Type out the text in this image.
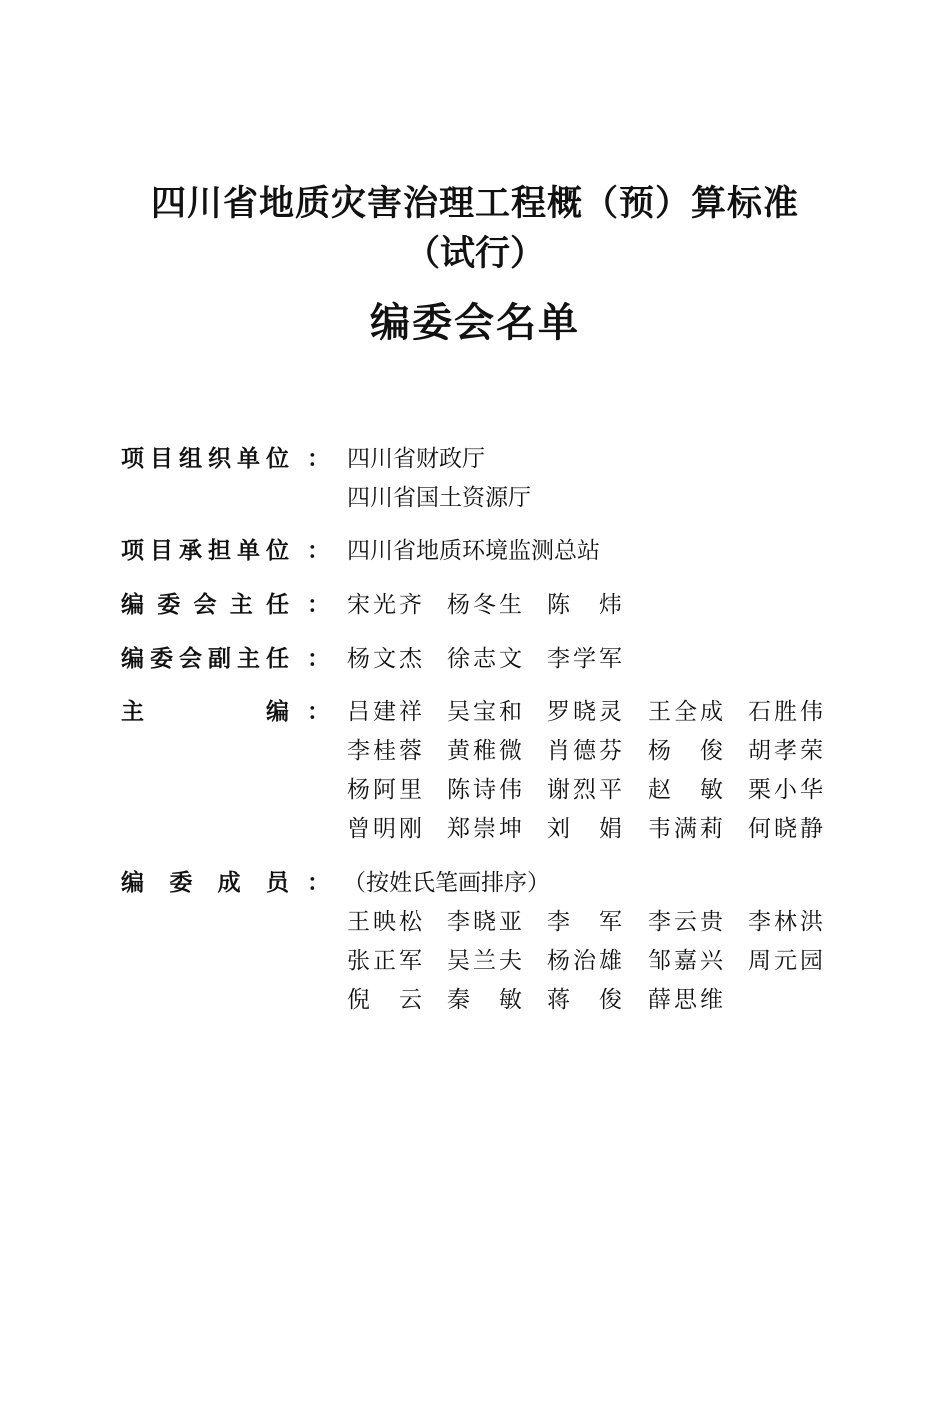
四川省地质灾害治理工程概（预）算标准
（试行）
编委会名单
项 目 组 织 单 位 ： 四川省财政厅
四川省国土资源厅
项 目 承 担 单 位 ： 四川省地质环境监测总站
编 委 会 主 任 ： 宋 光 齐 杨 冬 生 陈 炜
编 委 会 副 主 任 ： 杨 文 杰 徐 志 文 李 学 军
主	编 ： 吕 建 祥 吴 宝 和 罗 晓 灵 王 全 成 石 胜 伟
李 桂 蓉 黄 稚 微 肖 德 芬 杨 俊 胡 孝 荣
杨 阿 里 陈 诗 伟 谢 烈 平 赵 敏 栗 小 华
曾 明 刚 郑 崇 坤 刘 娟 韦 满 莉 何 晓 静
编 委 成 员 ： （按姓氏笔画排序）
王 映 松 李 晓 亚 李 军 李 云 贵 李 林 洪
张 正 军 吴 兰 夫 杨 治 雄 邹 嘉 兴 周 元 园
倪 云 秦 敏 蒋 俊 薛 思 维
